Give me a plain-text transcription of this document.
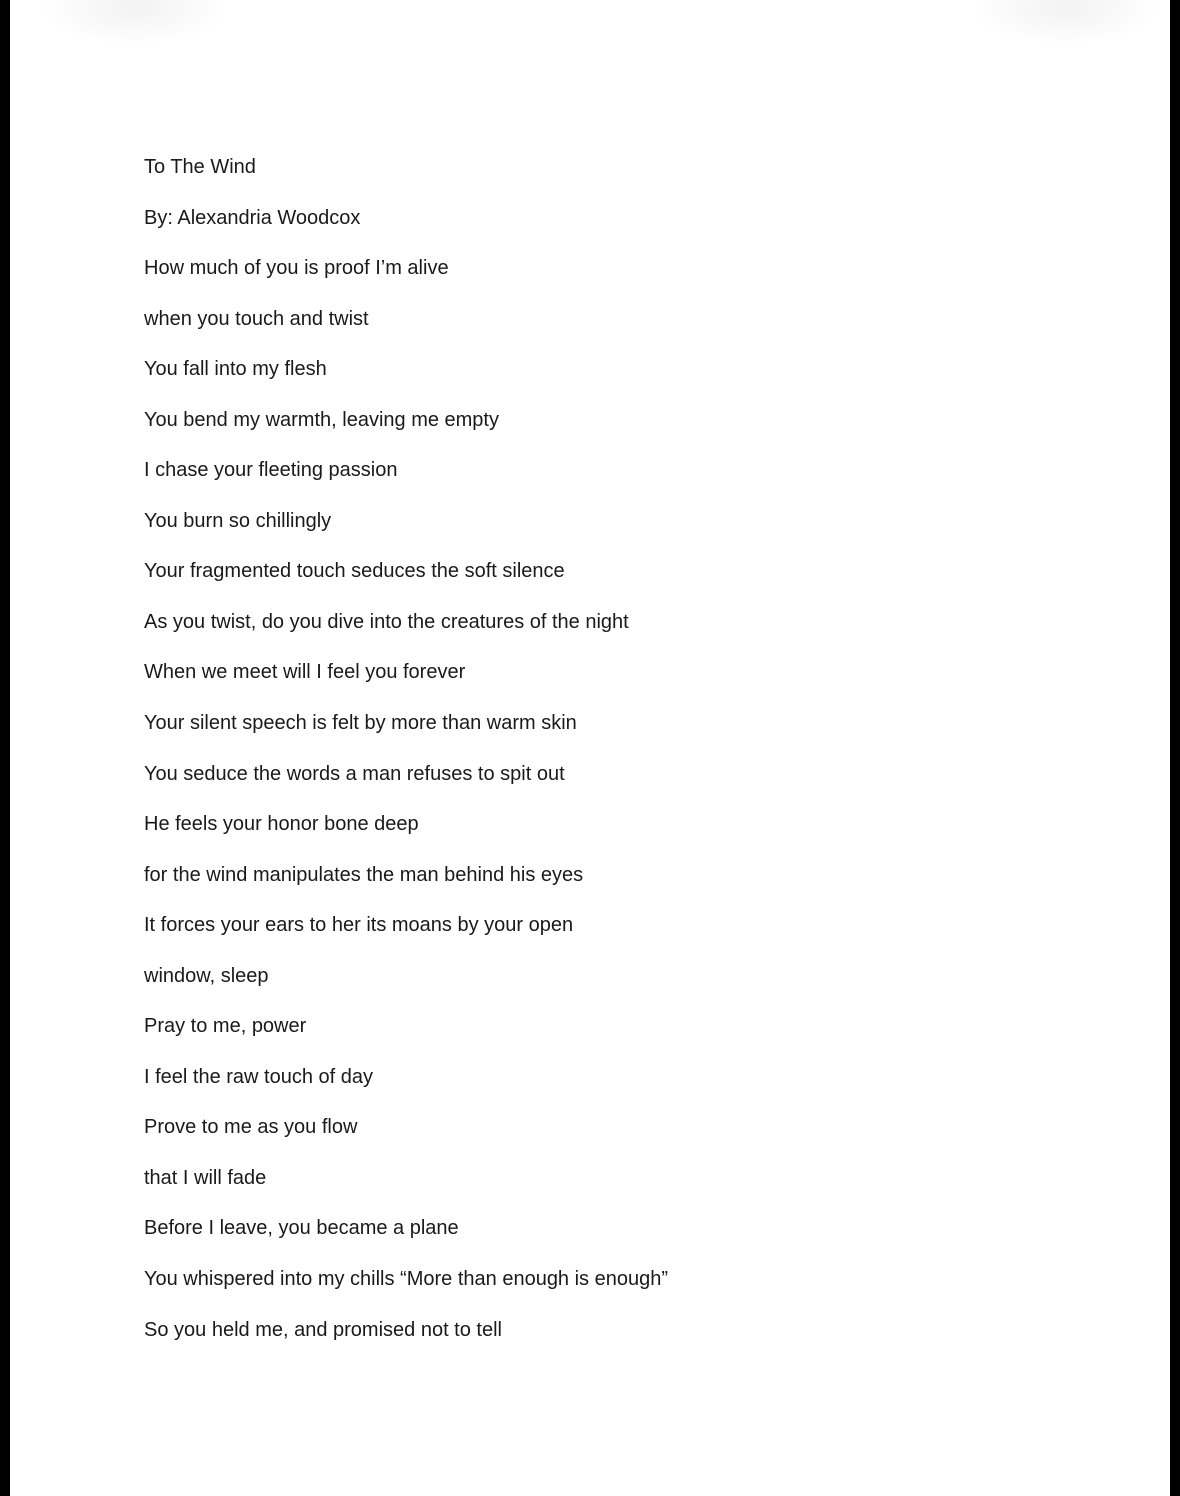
To The Wind

By: Alexandria Woodcox

How much of you is proof I’m alive

when you touch and twist

You fall into my flesh

You bend my warmth, leaving me empty

I chase your fleeting passion

You burn so chillingly

Your fragmented touch seduces the soft silence

As you twist, do you dive into the creatures of the night

When we meet will I feel you forever

Your silent speech is felt by more than warm skin

You seduce the words a man refuses to spit out

He feels your honor bone deep

for the wind manipulates the man behind his eyes

It forces your ears to her its moans by your open

window, sleep

Pray to me, power

I feel the raw touch of day

Prove to me as you flow

that I will fade

Before I leave, you became a plane

You whispered into my chills “More than enough is enough”

So you held me, and promised not to tell
